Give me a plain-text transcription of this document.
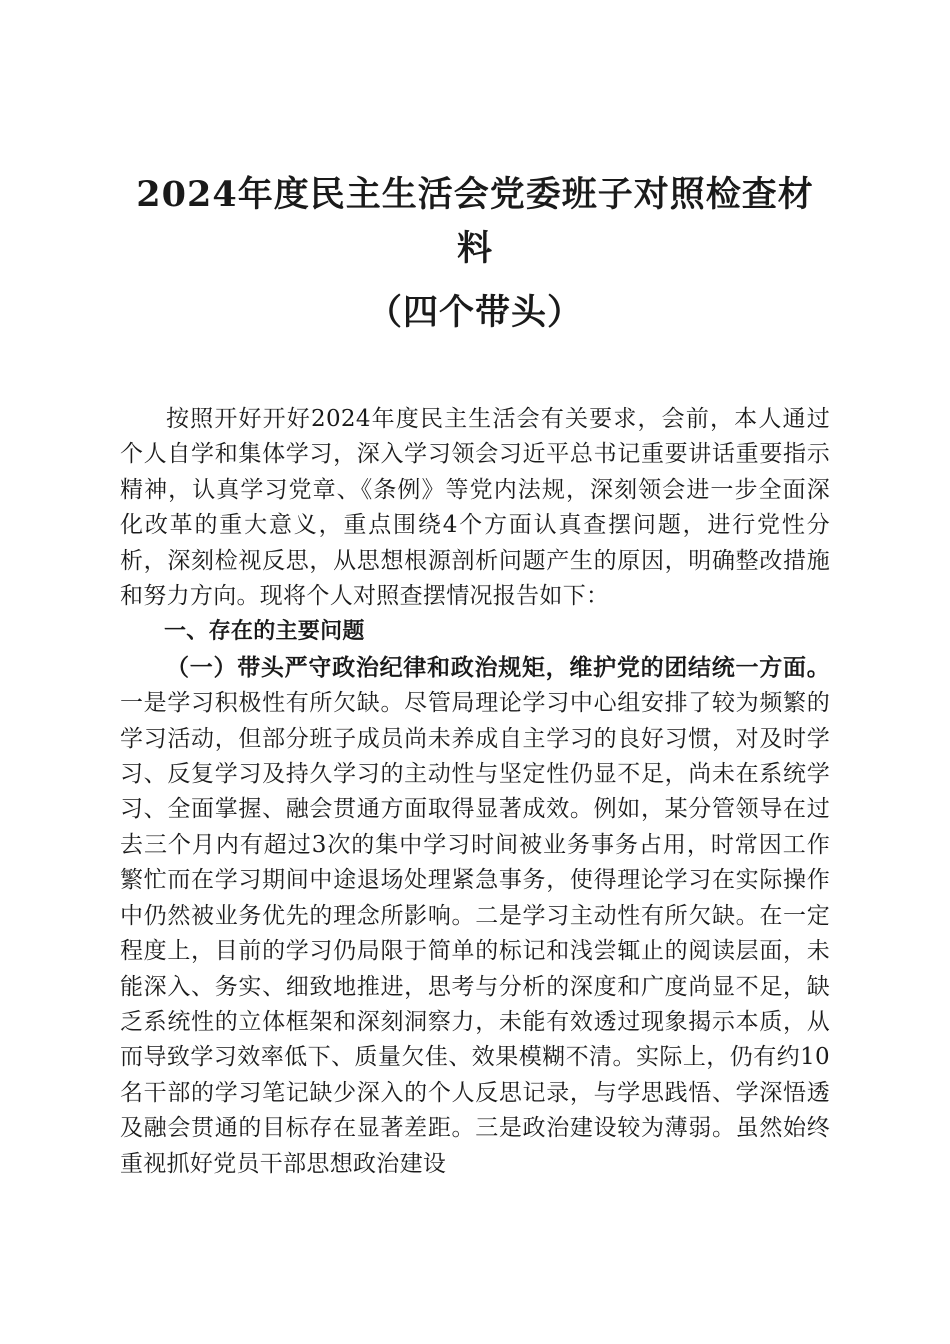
2024年度民主生活会党委班子对照检查材料
（四个带头）

按照开好开好2024年度民主生活会有关要求，会前，本人通过个人自学和集体学习，深入学习领会习近平总书记重要讲话重要指示精神，认真学习党章、《条例》等党内法规，深刻领会进一步全面深化改革的重大意义，重点围绕4个方面认真查摆问题，进行党性分析，深刻检视反思，从思想根源剖析问题产生的原因，明确整改措施和努力方向。现将个人对照查摆情况报告如下：

一、存在的主要问题

（一）带头严守政治纪律和政治规矩，维护党的团结统一方面。一是学习积极性有所欠缺。尽管局理论学习中心组安排了较为频繁的学习活动，但部分班子成员尚未养成自主学习的良好习惯，对及时学习、反复学习及持久学习的主动性与坚定性仍显不足，尚未在系统学习、全面掌握、融会贯通方面取得显著成效。例如，某分管领导在过去三个月内有超过3次的集中学习时间被业务事务占用，时常因工作繁忙而在学习期间中途退场处理紧急事务，使得理论学习在实际操作中仍然被业务优先的理念所影响。二是学习主动性有所欠缺。在一定程度上，目前的学习仍局限于简单的标记和浅尝辄止的阅读层面，未能深入、务实、细致地推进，思考与分析的深度和广度尚显不足，缺乏系统性的立体框架和深刻洞察力，未能有效透过现象揭示本质，从而导致学习效率低下、质量欠佳、效果模糊不清。实际上，仍有约10名干部的学习笔记缺少深入的个人反思记录，与学思践悟、学深悟透及融会贯通的目标存在显著差距。三是政治建设较为薄弱。虽然始终重视抓好党员干部思想政治建设
